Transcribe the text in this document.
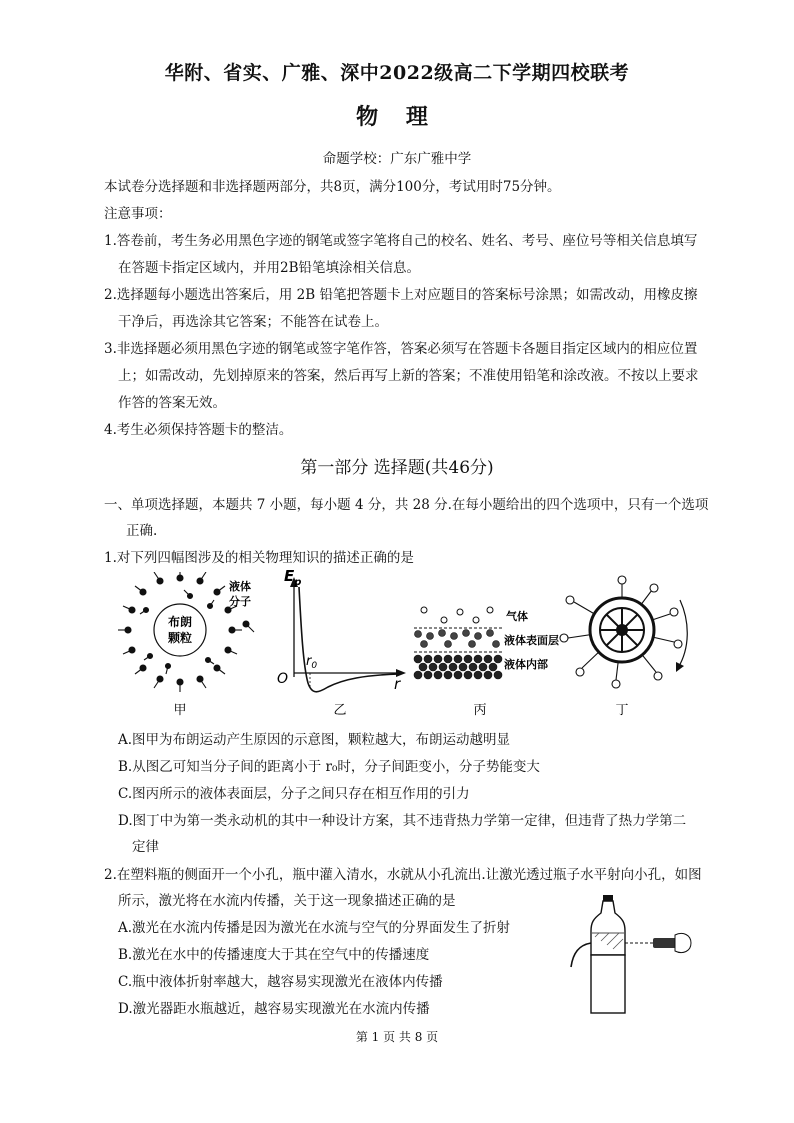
华附、省实、广雅、深中2022级高二下学期四校联考
物 理
命题学校：广东广雅中学
本试卷分选择题和非选择题两部分，共8页，满分100分，考试用时75分钟。
注意事项：
1.答卷前，考生务必用黑色字迹的钢笔或签字笔将自己的校名、姓名、考号、座位号等相关信息填写
在答题卡指定区域内，并用2B铅笔填涂相关信息。
2.选择题每小题选出答案后，用 2B 铅笔把答题卡上对应题目的答案标号涂黑；如需改动，用橡皮擦
干净后，再选涂其它答案；不能答在试卷上。
3.非选择题必须用黑色字迹的钢笔或签字笔作答，答案必须写在答题卡各题目指定区域内的相应位置
上；如需改动，先划掉原来的答案，然后再写上新的答案；不准使用铅笔和涂改液。不按以上要求
作答的答案无效。
4.考生必须保持答题卡的整洁。
第一部分 选择题(共46分)
一、单项选择题，本题共 7 小题，每小题 4 分，共 28 分.在每小题给出的四个选项中，只有一个选项
正确.
1.对下列四幅图涉及的相关物理知识的描述正确的是
布朗
颗粒
液体
分子
甲
$E_p$
O
$r_0$
r
乙
气体
液体表面层
液体内部
丙	丁
A.图甲为布朗运动产生原因的示意图，颗粒越大，布朗运动越明显
B.从图乙可知当分子间的距离小于 r₀时，分子间距变小，分子势能变大
C.图丙所示的液体表面层，分子之间只存在相互作用的引力
D.图丁中为第一类永动机的其中一种设计方案，其不违背热力学第一定律，但违背了热力学第二
定律
2.在塑料瓶的侧面开一个小孔，瓶中灌入清水，水就从小孔流出.让激光透过瓶子水平射向小孔，如图
所示，激光将在水流内传播，关于这一现象描述正确的是
A.激光在水流内传播是因为激光在水流与空气的分界面发生了折射
B.激光在水中的传播速度大于其在空气中的传播速度
C.瓶中液体折射率越大，越容易实现激光在液体内传播
D.激光器距水瓶越近，越容易实现激光在水流内传播
第 1 页 共 8 页
